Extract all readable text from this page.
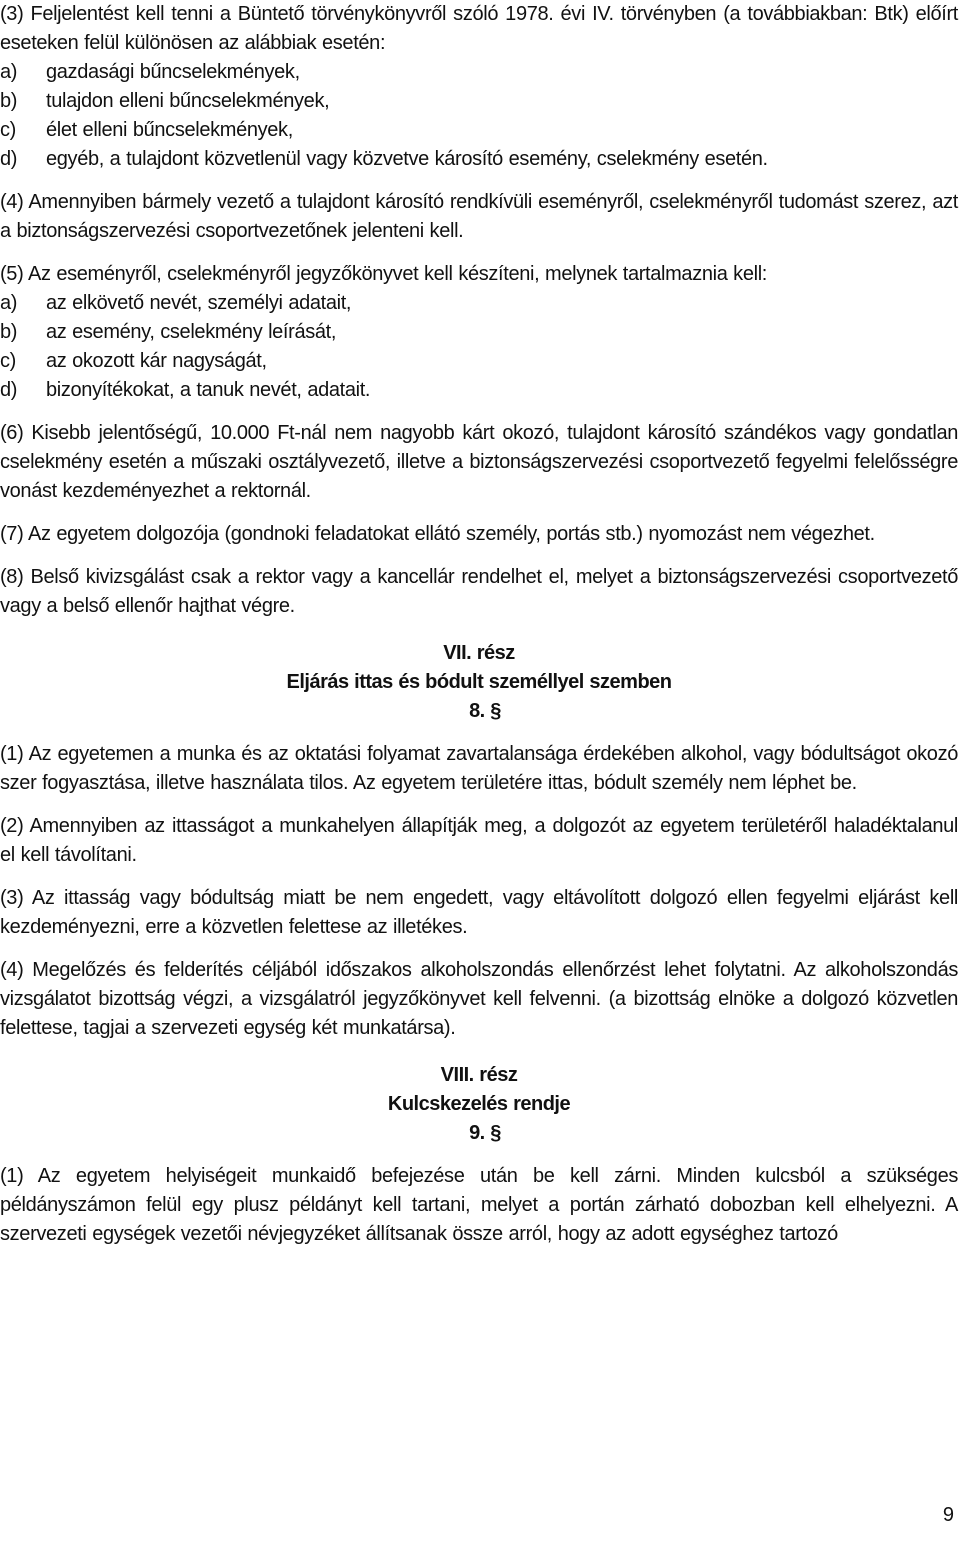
(3) Feljelentést kell tenni a Büntető törvénykönyvről szóló 1978. évi IV. törvényben (a továbbiakban: Btk) előírt eseteken felül különösen az alábbiak esetén:

a)	gazdasági bűncselekmények,
b)	tulajdon elleni bűncselekmények,
c)	élet elleni bűncselekmények,
d)	egyéb, a tulajdont közvetlenül vagy közvetve károsító esemény, cselekmény esetén.

(4) Amennyiben bármely vezető a tulajdont károsító rendkívüli eseményről, cselekményről tudomást szerez, azt a biztonságszervezési csoportvezetőnek jelenteni kell.

(5) Az eseményről, cselekményről jegyzőkönyvet kell készíteni, melynek tartalmaznia kell:

a)	az elkövető nevét, személyi adatait,
b)	az esemény, cselekmény leírását,
c)	az okozott kár nagyságát,
d)	bizonyítékokat, a tanuk nevét, adatait.

(6) Kisebb jelentőségű, 10.000 Ft-nál nem nagyobb kárt okozó, tulajdont károsító szándékos vagy gondatlan cselekmény esetén a műszaki osztályvezető, illetve a biztonságszervezési csoportvezető fegyelmi felelősségre vonást kezdeményezhet a rektornál.

(7) Az egyetem dolgozója (gondnoki feladatokat ellátó személy, portás stb.) nyomozást nem végezhet.

(8) Belső kivizsgálást csak a rektor vagy a kancellár rendelhet el, melyet a biztonságszervezési csoportvezető vagy a belső ellenőr hajthat végre.

VII. rész

Eljárás ittas és bódult személlyel szemben

8. §

(1) Az egyetemen a munka és az oktatási folyamat zavartalansága érdekében alkohol, vagy bódultságot okozó szer fogyasztása, illetve használata tilos. Az egyetem területére ittas, bódult személy nem léphet be.

(2) Amennyiben az ittasságot a munkahelyen állapítják meg, a dolgozót az egyetem területéről haladéktalanul el kell távolítani.

(3) Az ittasság vagy bódultság miatt be nem engedett, vagy eltávolított dolgozó ellen fegyelmi eljárást kell kezdeményezni, erre a közvetlen felettese az illetékes.

(4) Megelőzés és felderítés céljából időszakos alkoholszondás ellenőrzést lehet folytatni. Az alkoholszondás vizsgálatot bizottság végzi, a vizsgálatról jegyzőkönyvet kell felvenni. (a bizottság elnöke a dolgozó közvetlen felettese, tagjai a szervezeti egység két munkatársa).

VIII. rész

Kulcskezelés rendje

9. §

(1) Az egyetem helyiségeit munkaidő befejezése után be kell zárni. Minden kulcsból a szükséges példányszámon felül egy plusz példányt kell tartani, melyet a portán zárható dobozban kell elhelyezni. A szervezeti egységek vezetői névjegyzéket állítsanak össze arról, hogy az adott egységhez tartozó

9
